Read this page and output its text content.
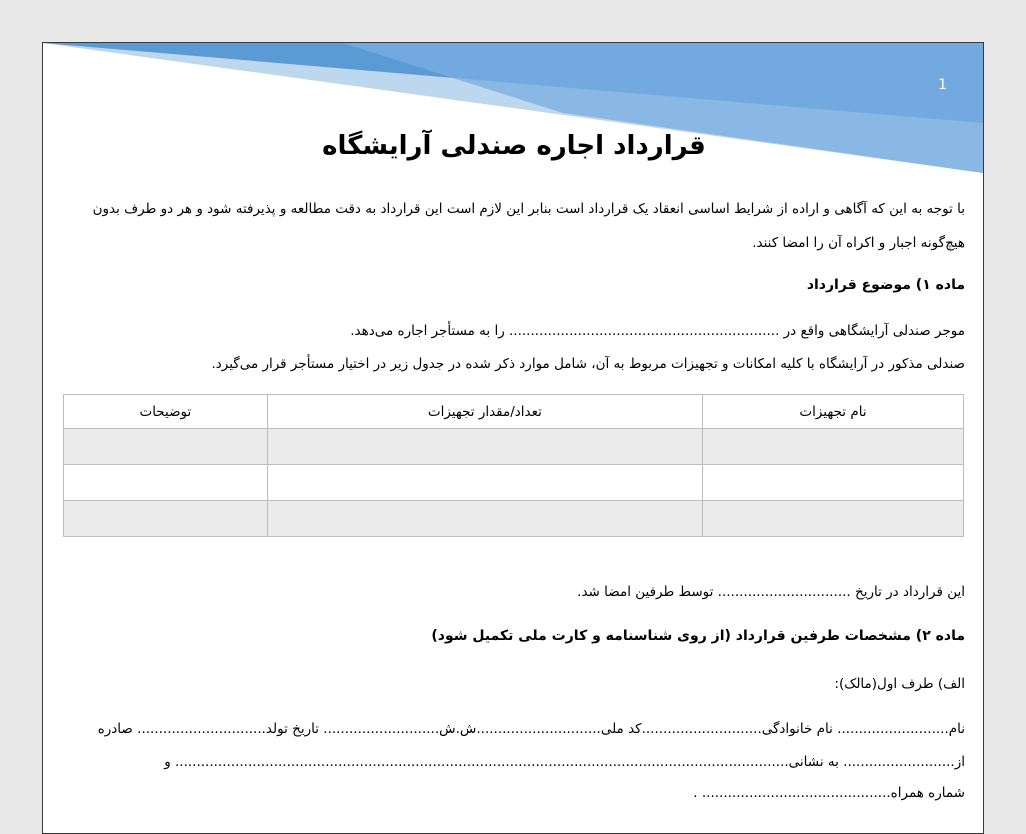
1
قرارداد اجاره صندلی آرایشگاه

با توجه به این که آگاهی و اراده از شرایط اساسی انعقاد یک قرارداد است بنابر این لازم است این قرارداد به دقت مطالعه و پذیرفته شود و هر دو طرف بدون هیچ‌گونه اجبار و اکراه آن را امضا کنند.

ماده ۱) موضوع قرارداد

موجر صندلی آرایشگاهی واقع در ............................................................... را به مستأجر اجاره می‌دهد.

صندلی مذکور در آرایشگاه با کلیه امکانات و تجهیزات مربوط به آن، شامل موارد ذکر شده در جدول زیر در اختیار مستأجر قرار می‌گیرد.

نام تجهیزات	تعداد/مقدار تجهیزات	توضیحات

این قرارداد در تاریخ ............................... توسط طرفین امضا شد.

ماده ۲) مشخصات طرفین قرارداد (از روی شناسنامه و کارت ملی تکمیل شود)

الف) طرف اول(مالک):

نام.......................... نام خانوادگی............................کد ملی.............................ش.ش........................... تاریخ تولد.............................. صادره

از.......................... به نشانی............................................................................................................................................... و

شماره همراه............................................ .
